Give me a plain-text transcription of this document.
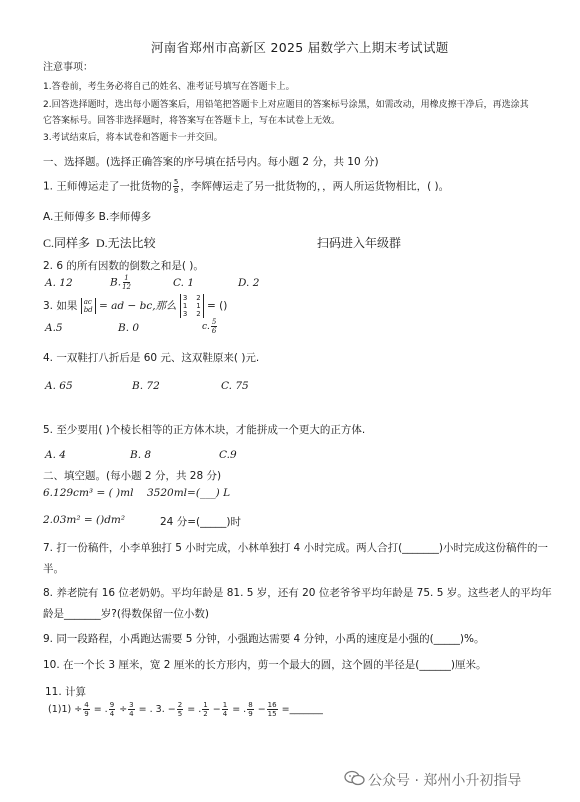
河南省郑州市高新区 2025 届数学六上期末考试试题
注意事项：
1.答卷前，考生务必将自己的姓名、准考证号填写在答题卡上。
2.回答选择题时，选出每小题答案后，用铅笔把答题卡上对应题目的答案标号涂黑，如需改动，用橡皮擦干净后，再选涂其
它答案标号。回答非选择题时，将答案写在答题卡上，写在本试卷上无效。
3.考试结束后，将本试卷和答题卡一并交回。
一、选择题。(选择正确答案的序号填在括号内。每小题 2 分，共 10 分)
1. 王师傅运走了一批货物的 $\frac{5}{8}$ ，李辉傅运走了另一批货物的，，两人所运货物相比，( )。
A.王师傅多 B.李师傅多
C.同样多 D.无法比较	扫码进入年级群
2. 6 的所有因数的倒数之和是( )。
A. 12	B. $\frac{1}{12}$	C. 1	D. 2
3. 如果 ac
bd = ad − bc,那么
3    2
1    1
3    2
= ()
A.5	B. 0	c. $\frac{5}{6}$
4. 一双鞋打八折后是 60 元、这双鞋原来( )元.
A. 65	B. 72	C. 75
5. 至少要用( )个棱长相等的正方体木块，才能拼成一个更大的正方体.
A. 4	B. 8	C.9
二、填空题。(每小题 2 分，共 28 分)
6.129cm³ = ( )ml 3520ml=(___) L
2.03m² = ()dm²	24 分=(_____)时
7. 打一份稿件，小李单独打 5 小时完成，小林单独打 4 小时完成。两人合打(_______)小时完成这份稿件的一
半。
8. 养老院有 16 位老奶奶。平均年龄是 81. 5 岁，还有 20 位老爷爷平均年龄是 75. 5 岁。这些老人的平均年
龄是_______岁?(得数保留一位小数)
9. 同一段路程，小禹跑达需要 5 分钟，小强跑达需要 4 分钟，小禹的速度是小强的(_____)%。
10. 在一个长 3 厘米，宽 2 厘米的长方形内，剪一个最大的圆，这个圆的半径是(______)厘米。
11. 计算
$(1)1) \div \frac{4}{9}$ = . $\frac{9}{4} \div \frac{3}{4}$ = . 3. − $\frac{2}{5}$ = . $\frac{1}{2} - \frac{1}{4}$ = . $\frac{8}{9} - \frac{16}{15}$ =_______
公众号 · 郑州小升初指导
